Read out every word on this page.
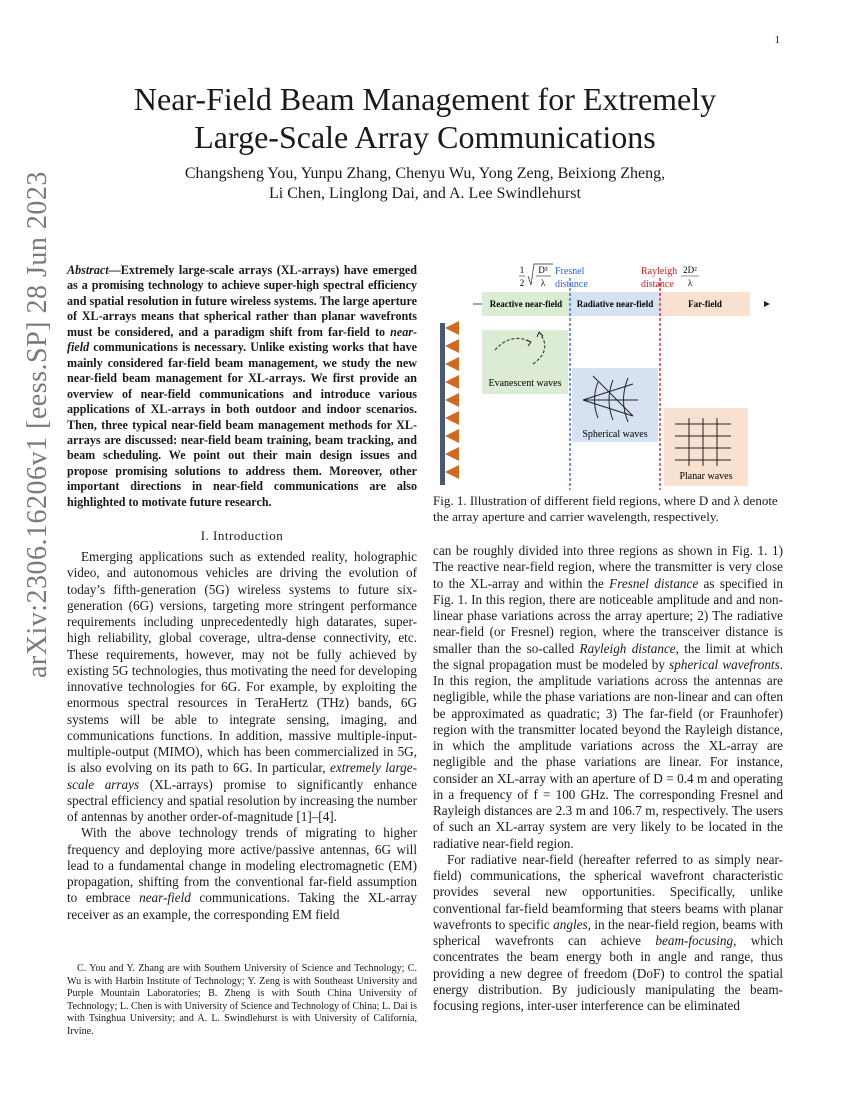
1
arXiv:2306.16206v1 [eess.SP] 28 Jun 2023
Near-Field Beam Management for Extremely
Large-Scale Array Communications
Changsheng You, Yunpu Zhang, Chenyu Wu, Yong Zeng, Beixiong Zheng,
Li Chen, Linglong Dai, and A. Lee Swindlehurst
Abstract—Extremely large-scale arrays (XL-arrays) have emerged as a promising technology to achieve super-high spectral efficiency and spatial resolution in future wireless systems. The large aperture of XL-arrays means that spherical rather than planar wavefronts must be considered, and a paradigm shift from far-field to near-field communications is necessary. Unlike existing works that have mainly considered far-field beam management, we study the new near-field beam management for XL-arrays. We first provide an overview of near-field communications and introduce various applications of XL-arrays in both outdoor and indoor scenarios. Then, three typical near-field beam management methods for XL-arrays are discussed: near-field beam training, beam tracking, and beam scheduling. We point out their main design issues and propose promising solutions to address them. Moreover, other important directions in near-field communications are also highlighted to motivate future research.
I. Introduction

Emerging applications such as extended reality, holographic video, and autonomous vehicles are driving the evolution of today’s fifth-generation (5G) wireless systems to future six-generation (6G) versions, targeting more stringent performance requirements including unprecedentedly high datarates, super-high reliability, global coverage, ultra-dense connectivity, etc. These requirements, however, may not be fully achieved by existing 5G technologies, thus motivating the need for developing innovative technologies for 6G. For example, by exploiting the enormous spectral resources in TeraHertz (THz) bands, 6G systems will be able to integrate sensing, imaging, and communications functions. In addition, massive multiple-input-multiple-output (MIMO), which has been commercialized in 5G, is also evolving on its path to 6G. In particular, extremely large-scale arrays (XL-arrays) promise to significantly enhance spectral efficiency and spatial resolution by increasing the number of antennas by another order-of-magnitude [1]–[4].

With the above technology trends of migrating to higher frequency and deploying more active/passive antennas, 6G will lead to a fundamental change in modeling electromagnetic (EM) propagation, shifting from the conventional far-field assumption to embrace near-field communications. Taking the XL-array receiver as an example, the corresponding EM field

C. You and Y. Zhang are with Southern University of Science and Technology; C. Wu is with Harbin Institute of Technology; Y. Zeng is with Southeast University and Purple Mountain Laboratories; B. Zheng is with South China University of Technology; L. Chen is with University of Science and Technology of China; L. Dai is with Tsinghua University; and A. L. Swindlehurst is with University of California, Irvine.
1
2
D³
λ
Fresnel
distance
Rayleigh
distance
2D²
λ
Reactive near-field Radiative near-field	Far-field
Evanescent waves
Spherical waves
Planar waves
Fig. 1. Illustration of different field regions, where D and λ denote the array aperture and carrier wavelength, respectively.

can be roughly divided into three regions as shown in Fig. 1. 1) The reactive near-field region, where the transmitter is very close to the XL-array and within the Fresnel distance as specified in Fig. 1. In this region, there are noticeable amplitude and and non-linear phase variations across the array aperture; 2) The radiative near-field (or Fresnel) region, where the transceiver distance is smaller than the so-called Rayleigh distance, the limit at which the signal propagation must be modeled by spherical wavefronts. In this region, the amplitude variations across the antennas are negligible, while the phase variations are non-linear and can often be approximated as quadratic; 3) The far-field (or Fraunhofer) region with the transmitter located beyond the Rayleigh distance, in which the amplitude variations across the XL-array are negligible and the phase variations are linear. For instance, consider an XL-array with an aperture of D = 0.4 m and operating in a frequency of f = 100 GHz. The corresponding Fresnel and Rayleigh distances are 2.3 m and 106.7 m, respectively. The users of such an XL-array system are very likely to be located in the radiative near-field region.

For radiative near-field (hereafter referred to as simply near-field) communications, the spherical wavefront characteristic provides several new opportunities. Specifically, unlike conventional far-field beamforming that steers beams with planar wavefronts to specific angles, in the near-field region, beams with spherical wavefronts can achieve beam-focusing, which concentrates the beam energy both in angle and range, thus providing a new degree of freedom (DoF) to control the spatial energy distribution. By judiciously manipulating the beam-focusing regions, inter-user interference can be eliminated
